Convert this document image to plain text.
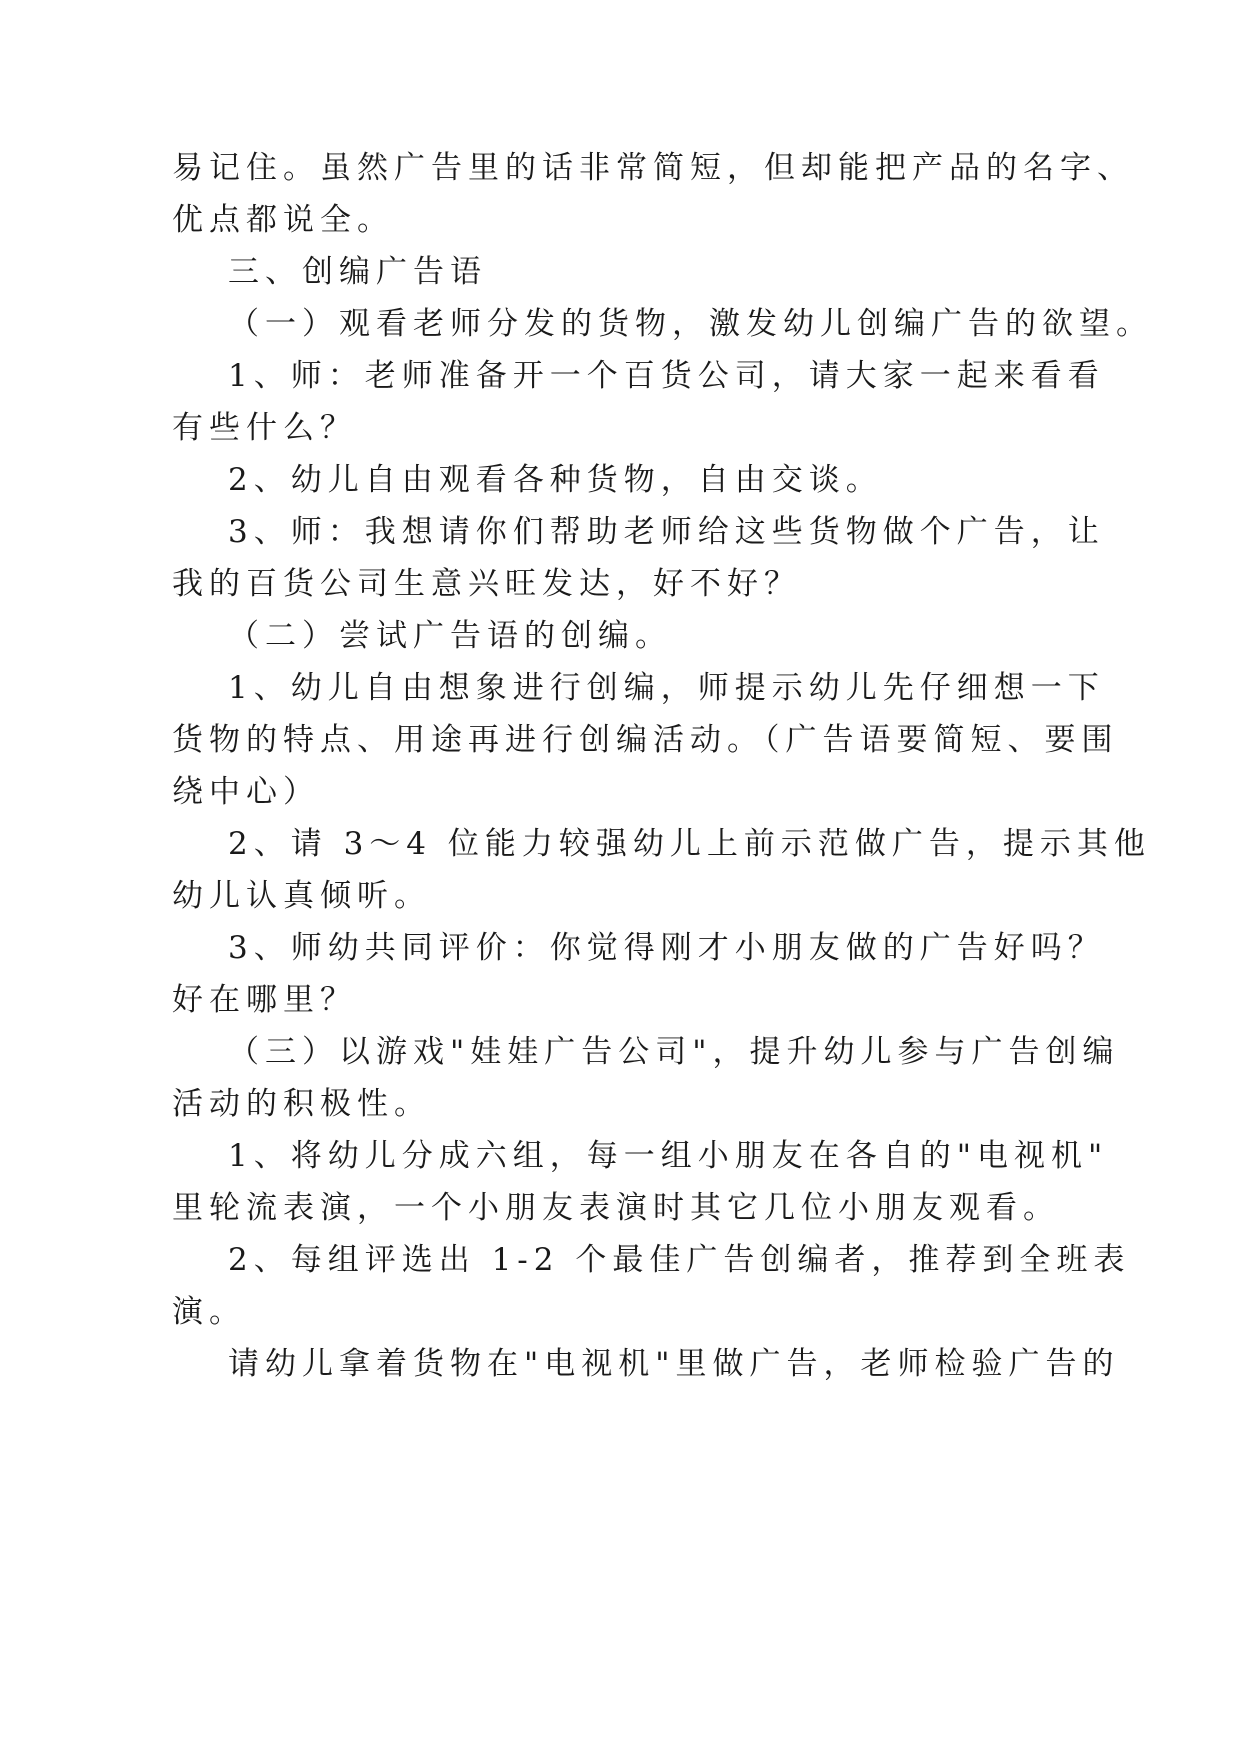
易记住。虽然广告里的话非常简短，但却能把产品的名字、

优点都说全。

三、创编广告语

（一）观看老师分发的货物，激发幼儿创编广告的欲望。

1、师：老师准备开一个百货公司，请大家一起来看看

有些什么？

2、幼儿自由观看各种货物，自由交谈。

3、师：我想请你们帮助老师给这些货物做个广告，让

我的百货公司生意兴旺发达，好不好？

（二）尝试广告语的创编。

1、幼儿自由想象进行创编，师提示幼儿先仔细想一下

货物的特点、用途再进行创编活动。（广告语要简短、要围

绕中心）

2、请 3～4 位能力较强幼儿上前示范做广告，提示其他

幼儿认真倾听。

3、师幼共同评价：你觉得刚才小朋友做的广告好吗？

好在哪里？

（三）以游戏"娃娃广告公司"，提升幼儿参与广告创编

活动的积极性。

1、将幼儿分成六组，每一组小朋友在各自的"电视机"

里轮流表演，一个小朋友表演时其它几位小朋友观看。

2、每组评选出 1-2 个最佳广告创编者，推荐到全班表

演。

请幼儿拿着货物在"电视机"里做广告，老师检验广告的
